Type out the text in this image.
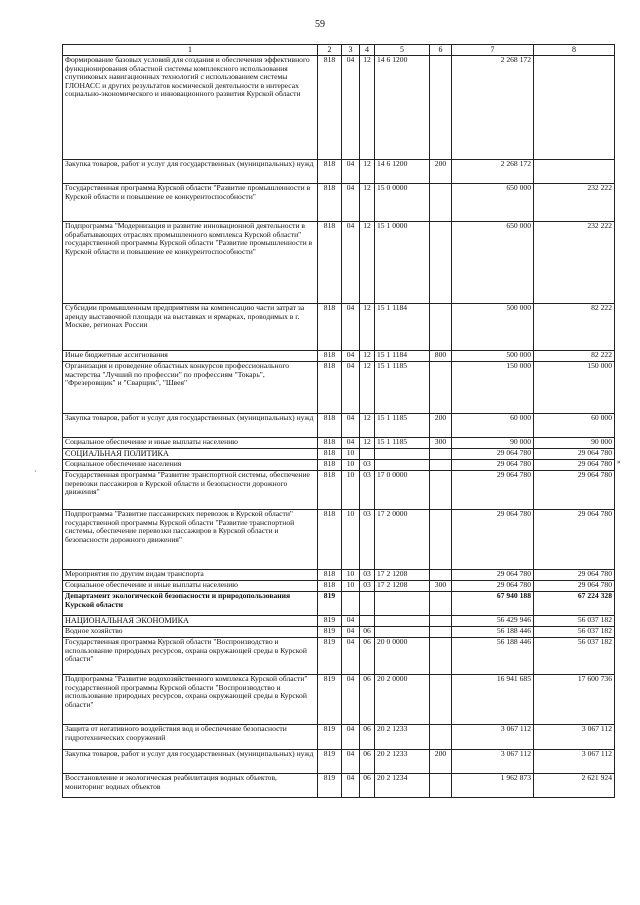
59
·
»
1	2	3	4	5	6	7	8
Формирование базовых условий для создания и обеспечения эффективного функционирования областной системы комплексного использования спутниковых навигационных технологий с использованием системы ГЛОНАСС и других результатов космической деятельности в интересах социально-экономического и инновационного развития Курской области	818	04	12	14 6 1200		2 268 172	
Закупка товаров, работ и услуг для государственных (муниципальных) нужд	818	04	12	14 6 1200	200	2 268 172	
Государственная программа Курской области "Развитие промышленности в Курской области и повышение ее конкурентоспособности"	818	04	12	15 0 0000		650 000	232 222
Подпрограмма "Модернизация и развитие инновационной деятельности в обрабатывающих отраслях промышленного комплекса Курской области" государственной программы Курской области "Развитие промышленности в Курской области и повышение ее конкурентоспособности"	818	04	12	15 1 0000		650 000	232 222
Субсидии промышленным предприятиям на компенсацию части затрат за аренду выставочной площади на выставках и ярмарках, проводимых в г. Москве, регионах России	818	04	12	15 1 1184		500 000	82 222
Иные бюджетные ассигнования	818	04	12	15 1 1184	800	500 000	82 222
Организация и проведение областных конкурсов профессионального мастерства "Лучший по профессии" по профессиям "Токарь", "Фрезеровщик" и "Сварщик", "Швея"	818	04	12	15 1 1185		150 000	150 000
Закупка товаров, работ и услуг для государственных (муниципальных) нужд	818	04	12	15 1 1185	200	60 000	60 000
Социальное обеспечение и иные выплаты населению	818	04	12	15 1 1185	300	90 000	90 000
СОЦИАЛЬНАЯ ПОЛИТИКА	818	10				29 064 780	29 064 780
Социальное обеспечение населения	818	10	03			29 064 780	29 064 780
Государственная программа "Развитие транспортной системы, обеспечение перевозки пассажиров в Курской области и безопасности дорожного движения"	818	10	03	17 0 0000		29 064 780	29 064 780
Подпрограмма "Развитие пассажирских перевозок в Курской области" государственной программы Курской области "Развитие транспортной системы, обеспечение перевозки пассажиров в Курской области и безопасности дорожного движения"	818	10	03	17 2 0000		29 064 780	29 064 780
Мероприятия по другим видам транспорта	818	10	03	17 2 1208		29 064 780	29 064 780
Социальное обеспечение и иные выплаты населению	818	10	03	17 2 1208	300	29 064 780	29 064 780
Департамент экологической безопасности и природопользования Курской области	819					67 940 188	67 224 328
НАЦИОНАЛЬНАЯ ЭКОНОМИКА	819	04				56 429 946	56 037 182
Водное хозяйство	819	04	06			56 188 446	56 037 182
Государственная программа Курской области "Воспроизводство и использование природных ресурсов, охрана окружающей среды в Курской области"	819	04	06	20 0 0000		56 188 446	56 037 182
Подпрограмма "Развитие водохозяйственного комплекса Курской области" государственной программы Курской области "Воспроизводство и использование природных ресурсов, охрана окружающей среды в Курской области"	819	04	06	20 2 0000		16 941 685	17 600 736
Защита от негативного воздействия вод и обеспечение безопасности гидротехнических сооружений	819	04	06	20 2 1233		3 067 112	3 067 112
Закупка товаров, работ и услуг для государственных (муниципальных) нужд	819	04	06	20 2 1233	200	3 067 112	3 067 112
Восстановление и экологическая реабилитация водных объектов, мониторинг водных объектов	819	04	06	20 2 1234		1 962 873	2 621 924
